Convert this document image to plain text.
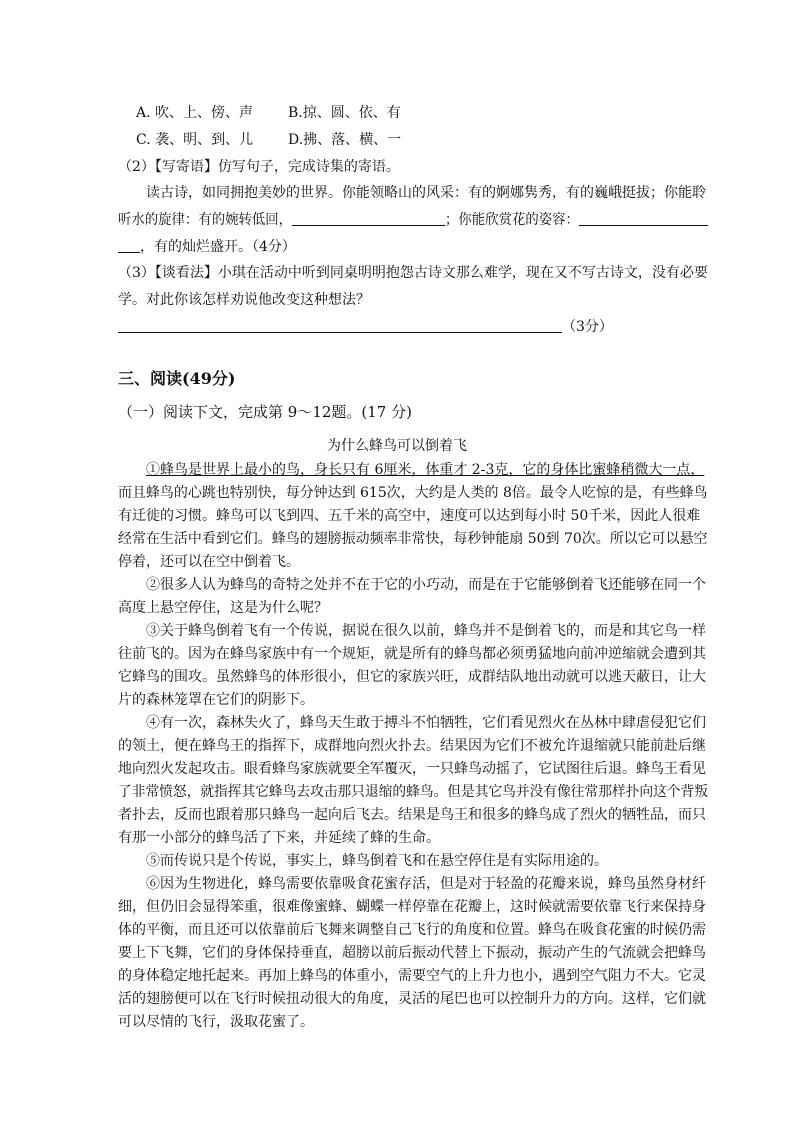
A. 吹、上、傍、声 B.掠、圆、依、有
C. 袭、明、到、儿 D.拂、落、横、一
（2）【写寄语】仿写句子，完成诗集的寄语。
读古诗，如同拥抱美妙的世界。你能领略山的风采：有的婀娜隽秀，有的巍峨挺拔；你能聆
听水的旋律：有的婉转低回，	；你能欣赏花的姿容：
，有的灿烂盛开。（4分）
（3）【谈看法】小琪在活动中听到同桌明明抱怨古诗文那么难学，现在又不写古诗文，没有必要
学。对此你该怎样劝说他改变这种想法？
（3分）
三、阅读(49分)
（一）阅读下文，完成第 9～12题。(17 分)
为什么蜂鸟可以倒着飞
①蜂鸟是世界上最小的鸟，身长只有 6厘米，体重才 2-3克，它的身体比蜜蜂稍微大一点，
而且蜂鸟的心跳也特别快，每分钟达到 615次，大约是人类的 8倍。最令人吃惊的是，有些蜂鸟
有迁徙的习惯。蜂鸟可以飞到四、五千米的高空中，速度可以达到每小时 50千米，因此人很难
经常在生活中看到它们。蜂鸟的翅膀振动频率非常快，每秒钟能扇 50到 70次。所以它可以悬空
停着，还可以在空中倒着飞。
②很多人认为蜂鸟的奇特之处并不在于它的小巧动，而是在于它能够倒着飞还能够在同一个
高度上悬空停住，这是为什么呢？
③关于蜂鸟倒着飞有一个传说，据说在很久以前，蜂鸟并不是倒着飞的，而是和其它鸟一样
往前飞的。因为在蜂鸟家族中有一个规矩，就是所有的蜂鸟都必须勇猛地向前冲逆缩就会遭到其
它蜂鸟的围攻。虽然蜂鸟的体形很小，但它的家族兴旺，成群结队地出动就可以逃天蔽日，让大
片的森林笼罩在它们的阴影下。
④有一次，森林失火了，蜂鸟天生敢于搏斗不怕牺牲，它们看见烈火在丛林中肆虐侵犯它们
的领土，便在蜂鸟王的指挥下，成群地向烈火扑去。结果因为它们不被允许退缩就只能前赴后继
地向烈火发起攻击。眼看蜂鸟家族就要全军覆灭，一只蜂鸟动摇了，它试图往后退。蜂鸟王看见
了非常愤怒，就指挥其它蜂鸟去攻击那只退缩的蜂鸟。但是其它鸟并没有像往常那样扑向这个背叛
者扑去，反而也跟着那只蜂鸟一起向后飞去。结果是鸟王和很多的蜂鸟成了烈火的牺牲品，而只
有那一小部分的蜂鸟活了下来，并延续了蜂的生命。
⑤而传说只是个传说，事实上，蜂鸟倒着飞和在悬空停住是有实际用途的。
⑥因为生物进化，蜂鸟需要依靠吸食花蜜存活，但是对于轻盈的花瓣来说，蜂鸟虽然身材纤
细，但仍旧会显得笨重，很难像蜜蜂、蝴蝶一样停靠在花瓣上，这时候就需要依靠飞行来保持身
体的平衡，而且还可以依靠前后飞舞来调整自己飞行的角度和位置。蜂鸟在吸食花蜜的时候仍需
要上下飞舞，它们的身体保持垂直，超膀以前后振动代替上下振动，振动产生的气流就会把蜂鸟
的身体稳定地托起来。再加上蜂鸟的体重小，需要空气的上升力也小，遇到空气阻力不大。它灵
活的翅膀便可以在飞行时候扭动很大的角度，灵活的尾巴也可以控制升力的方向。这样，它们就
可以尽情的飞行，汲取花蜜了。
